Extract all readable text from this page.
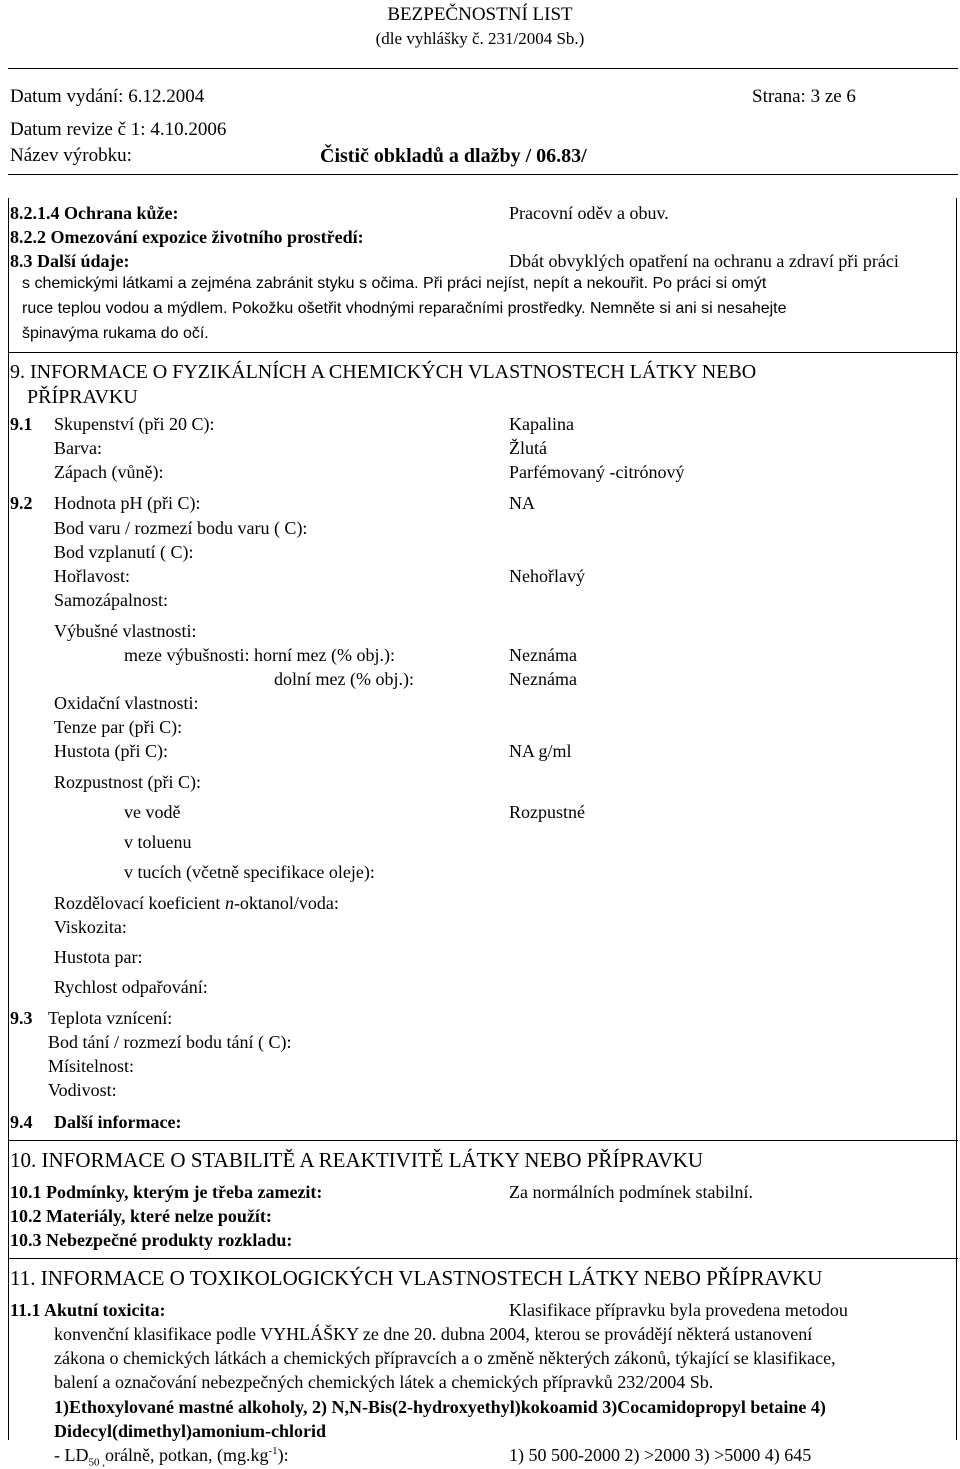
BEZPEČNOSTNÍ LIST
(dle vyhlášky č. 231/2004 Sb.)
Datum vydání: 6.12.2004	Strana: 3 ze 6
Datum revize č 1: 4.10.2006
Název výrobku:	Čistič obkladů a dlažby / 06.83/
8.2.1.4 Ochrana kůže:	Pracovní oděv a obuv.
8.2.2 Omezování expozice životního prostředí:
8.3 Další údaje:	Dbát obvyklých opatření na ochranu a zdraví při práci
s chemickými látkami a zejména zabránit styku s očima. Při práci nejíst, nepít a nekouřit. Po práci si omýt
ruce teplou vodou a mýdlem. Pokožku ošetřit vhodnými reparačními prostředky. Nemněte si ani si nesahejte
špinavýma rukama do očí.
9. INFORMACE O FYZIKÁLNÍCH A CHEMICKÝCH VLASTNOSTECH LÁTKY NEBO
PŘÍPRAVKU
9.1 Skupenství (při 20 C):	Kapalina
Barva:	Žlutá
Zápach (vůně):	Parfémovaný -citrónový
9.2 Hodnota pH (při C):	NA
Bod varu / rozmezí bodu varu ( C):
Bod vzplanutí ( C):
Hořlavost:	Nehořlavý
Samozápalnost:
Výbušné vlastnosti:
meze výbušnosti: horní mez (% obj.):	Neznáma
dolní mez (% obj.):	Neznáma
Oxidační vlastnosti:
Tenze par (při C):
Hustota (při C):	NA g/ml
Rozpustnost (při C):
ve vodě	Rozpustné
v toluenu
v tucích (včetně specifikace oleje):
Rozdělovací koeficient n-oktanol/voda:
Viskozita:
Hustota par:
Rychlost odpařování:
9.3 Teplota vznícení:
Bod tání / rozmezí bodu tání ( C):
Mísitelnost:
Vodivost:
9.4 Další informace:
10. INFORMACE O STABILITĚ A REAKTIVITĚ LÁTKY NEBO PŘÍPRAVKU
10.1 Podmínky, kterým je třeba zamezit:	Za normálních podmínek stabilní.
10.2 Materiály, které nelze použít:
10.3 Nebezpečné produkty rozkladu:
11. INFORMACE O TOXIKOLOGICKÝCH VLASTNOSTECH LÁTKY NEBO PŘÍPRAVKU
11.1 Akutní toxicita:	Klasifikace přípravku byla provedena metodou
konvenční klasifikace podle VYHLÁŠKY ze dne 20. dubna 2004, kterou se provádějí některá ustanovení
zákona o chemických látkách a chemických přípravcích a o změně některých zákonů, týkající se klasifikace,
balení a označování nebezpečných chemických látek a chemických přípravků 232/2004 Sb.
1)Ethoxylované mastné alkoholy, 2) N,N-Bis(2-hydroxyethyl)kokoamid 3)Cocamidopropyl betaine 4)
Didecyl(dimethyl)amonium-chlorid
- $LD_{50 ,}orá\ln ě$, potkan, $(mg.kg^{-1})$:	1) 50 500-2000 2) >2000 3) >5000 4) 645
